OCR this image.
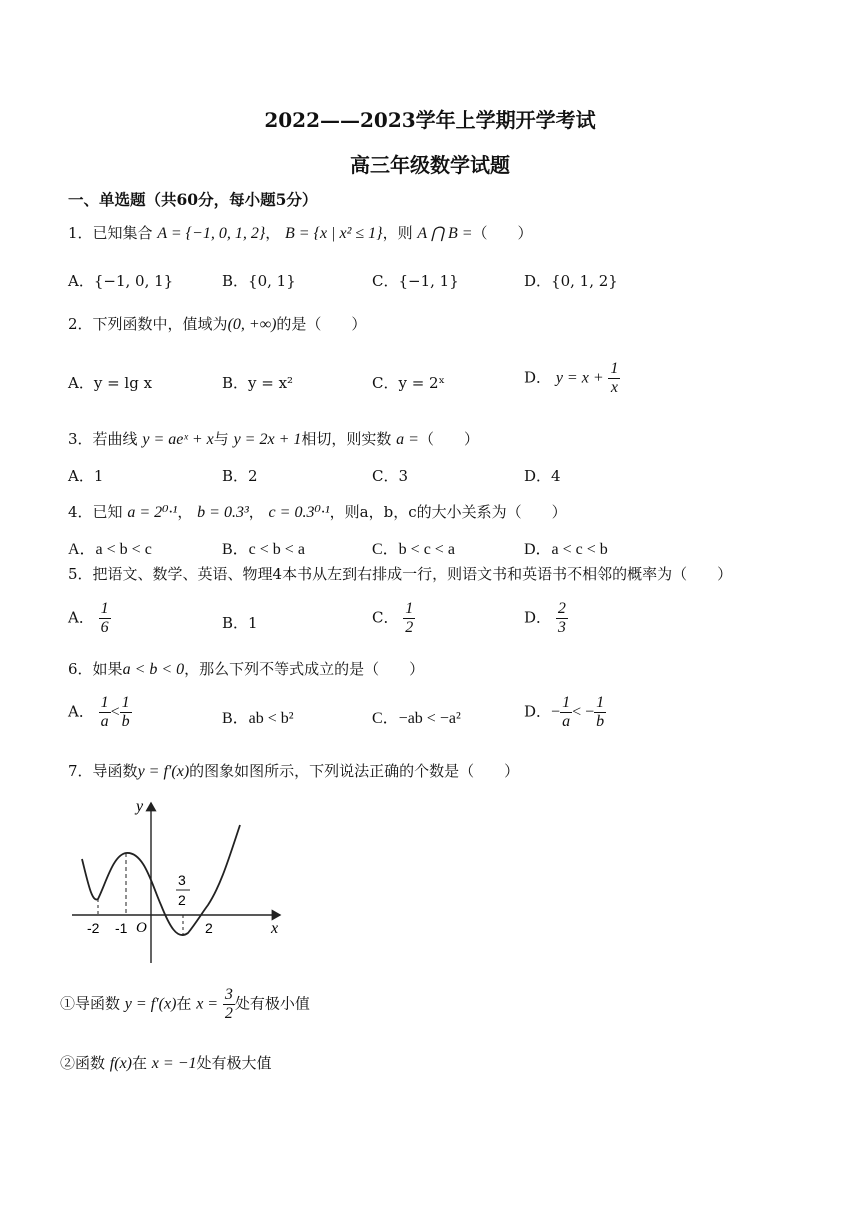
2022——2023学年上学期开学考试
高三年级数学试题
一、单选题（共60分，每小题5分）
1．已知集合 A = {−1, 0, 1, 2}， B = {x | x² ≤ 1}，则 A ⋂ B =（　　）
A．{−1, 0, 1}	B．{0, 1}	C．{−1, 1}	D．{0, 1, 2}
2．下列函数中，值域为(0, +∞)的是（　　）
A．y = lg x	B．y = x²	C．y = 2ˣ	D． $y = x + \frac{1}{x}$
3．若曲线 y = aeˣ + x与 y = 2x + 1相切，则实数 a =（　　）
A．1	B．2	C．3	D．4
4．已知 a = 2⁰·¹， b = 0.3³， c = 0.3⁰·¹，则a，b，c的大小关系为（　　）
A．a < b < c	B．c < b < a	C．b < c < a	D．a < c < b
5．把语文、数学、英语、物理4本书从左到右排成一行，则语文书和英语书不相邻的概率为（　　）
A． $\frac{1}{6}$	B．1	C． $\frac{1}{2}$	D． $\frac{2}{3}$
6．如果a < b < 0，那么下列不等式成立的是（　　）
A． $\frac{1}{a} < \frac{1}{b}$	B．ab < b²	C．−ab < −a²	D．− $\frac{1}{a}$ < − $\frac{1}{b}$
7．导函数y = f′(x)的图象如图所示，下列说法正确的个数是（　　）
y
x
O
-2 -1	2
3
2
①导函数 y = f′(x)在 $x = \frac{3}{2}$ 处有极小值
②函数 f(x)在 x = −1处有极大值
